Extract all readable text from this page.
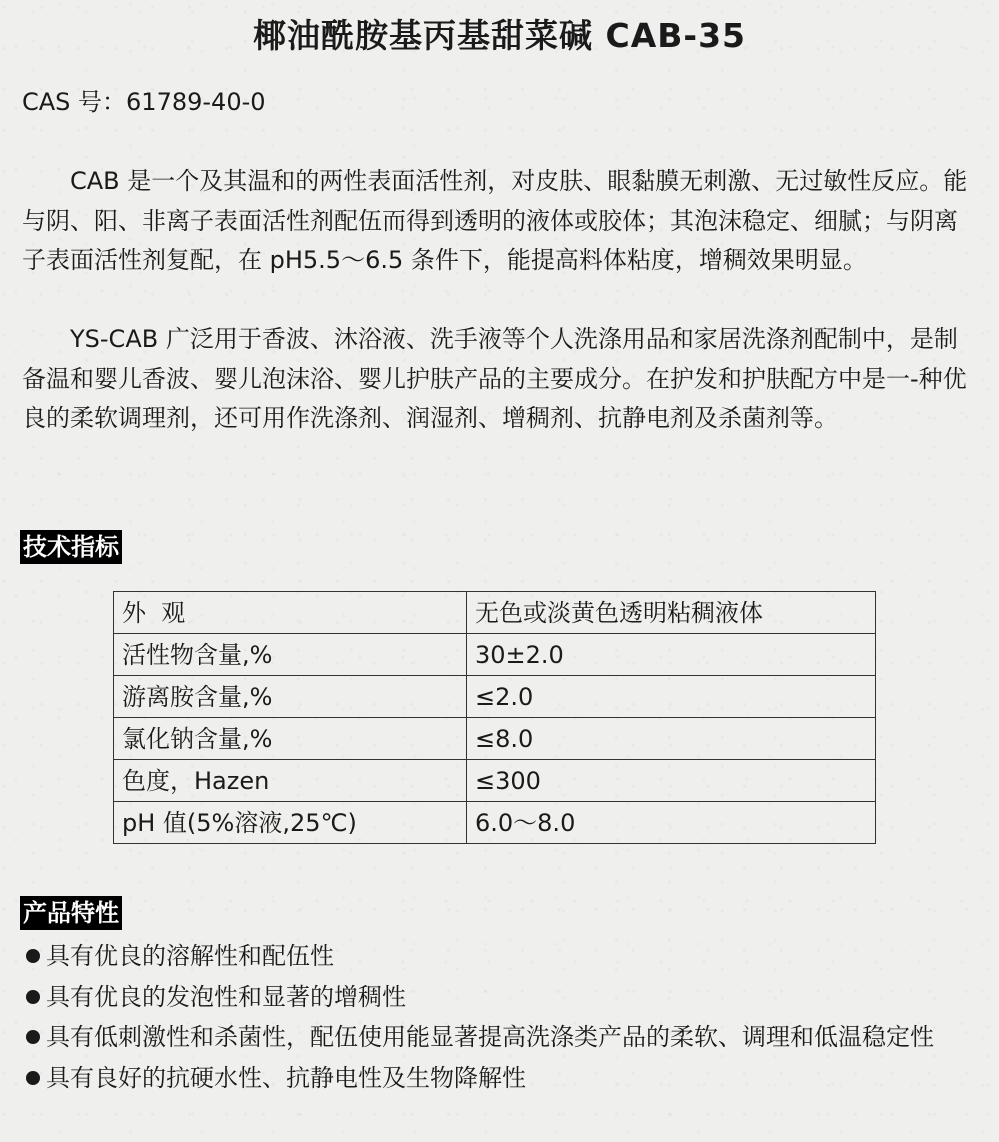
椰油酰胺基丙基甜菜碱 CAB-35
CAS 号：61789-40-0

CAB 是一个及其温和的两性表面活性剂，对皮肤、眼黏膜无刺激、无过敏性反应。能与阴、阳、非离子表面活性剂配伍而得到透明的液体或胶体；其泡沫稳定、细腻；与阴离子表面活性剂复配，在 pH5.5～6.5 条件下，能提高料体粘度，增稠效果明显。

YS-CAB 广泛用于香波、沐浴液、洗手液等个人洗涤用品和家居洗涤剂配制中，是制备温和婴儿香波、婴儿泡沫浴、婴儿护肤产品的主要成分。在护发和护肤配方中是一-种优良的柔软调理剂，还可用作洗涤剂、润湿剂、增稠剂、抗静电剂及杀菌剂等。

技术指标
外  观	无色或淡黄色透明粘稠液体
活性物含量,%	30±2.0
游离胺含量,%	≤2.0
氯化钠含量,%	≤8.0
色度，Hazen	≤300
pH 值(5%溶液,25℃)	6.0～8.0
产品特性
具有优良的溶解性和配伍性
具有优良的发泡性和显著的增稠性
具有低刺激性和杀菌性，配伍使用能显著提高洗涤类产品的柔软、调理和低温稳定性
具有良好的抗硬水性、抗静电性及生物降解性
